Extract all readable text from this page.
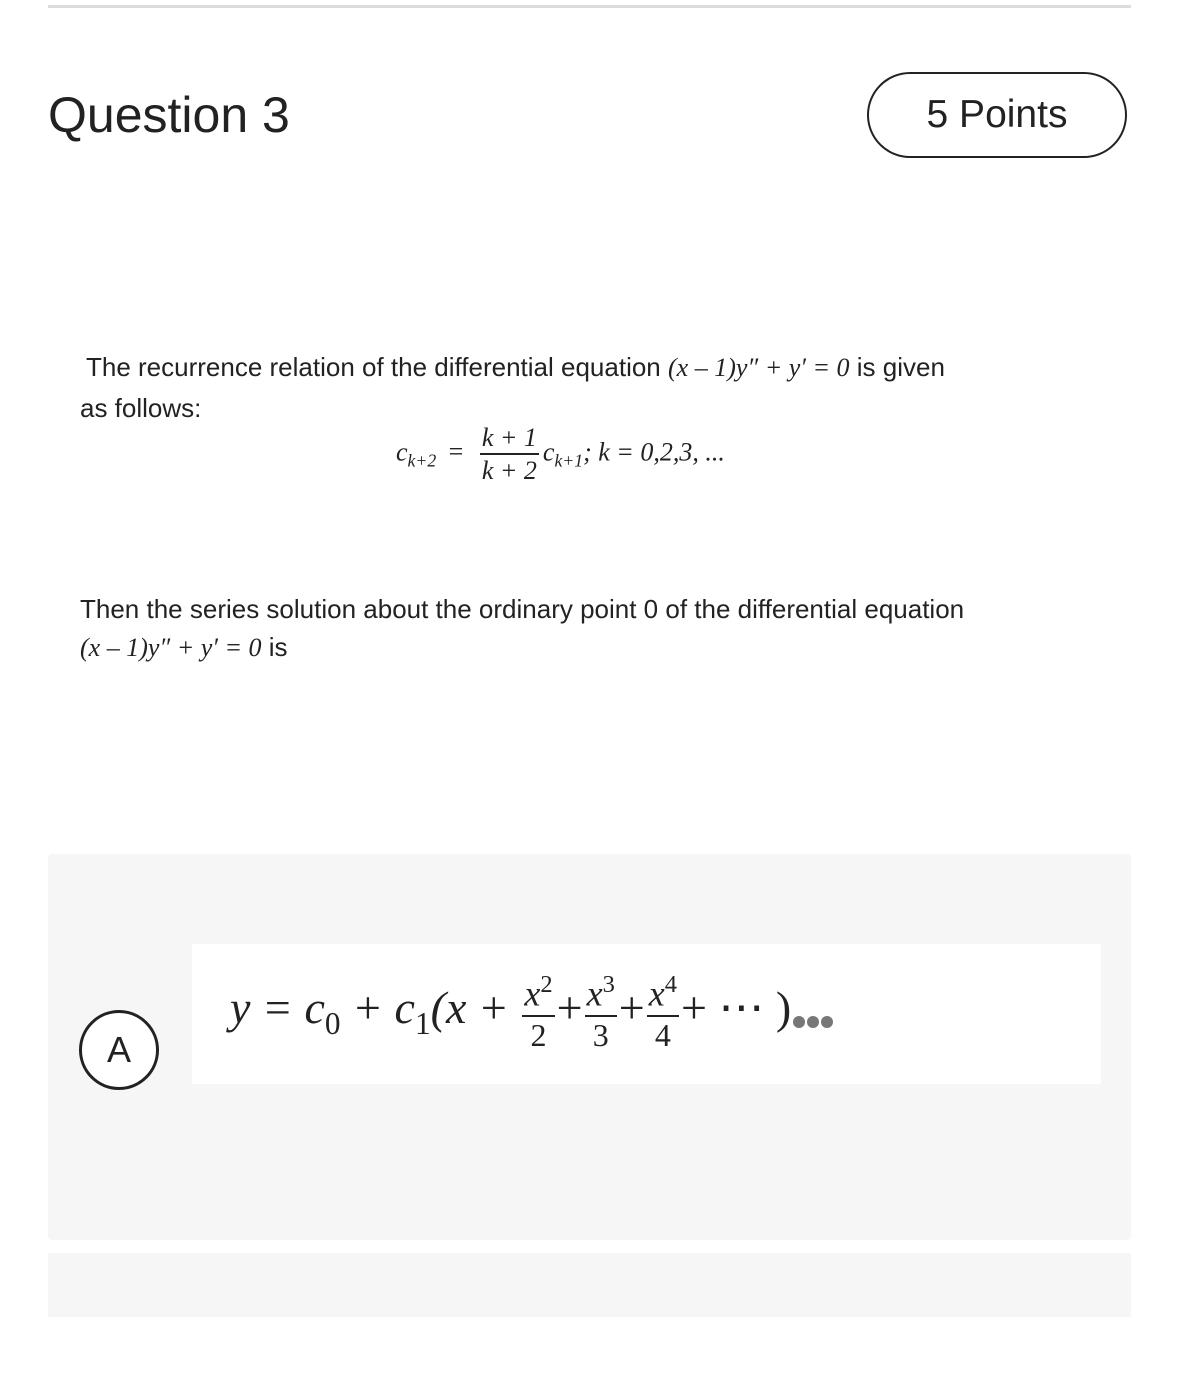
Question 3	5 Points
The recurrence relation of the differential equation (x – 1)y″ + y′ = 0 is given
as follows:
$c_{k+2} = \frac{k + 1}{k + 2} c_{k+1}$; k = 0,2,3, ...
Then the series solution about the ordinary point 0 of the differential equation
(x – 1)y″ + y′ = 0 is
A
$y = c_0 + c_1(x + \frac{x^2}{2} + \frac{x^3}{3} + \frac{x^4}{4}$ + ⋯ )
